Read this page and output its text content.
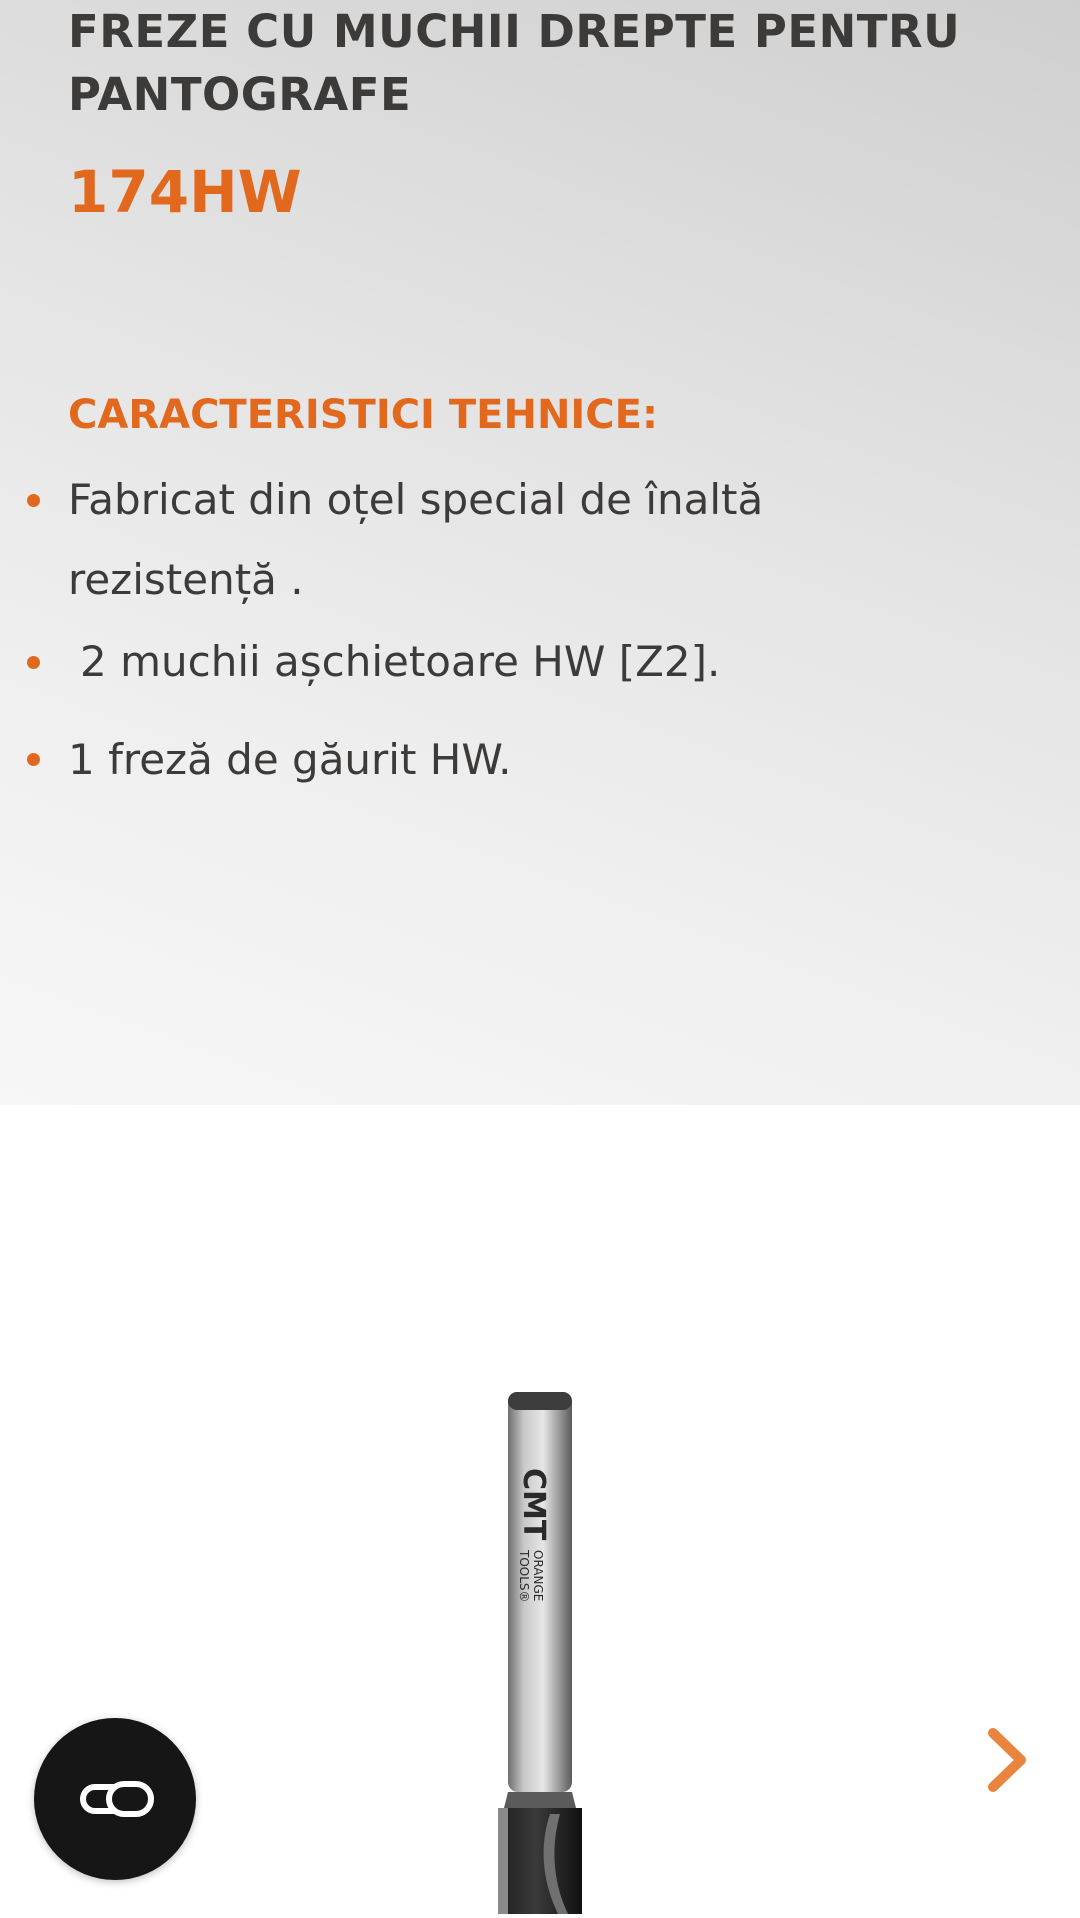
FREZE CU MUCHII DREPTE PENTRU PANTOGRAFE
174HW
CARACTERISTICI TEHNICE:

Fabricat din oțel special de înaltă rezistență .

2 muchii așchietoare HW [Z2].

1 freză de găurit HW.

CMT
ORANGE
TOOLS®
